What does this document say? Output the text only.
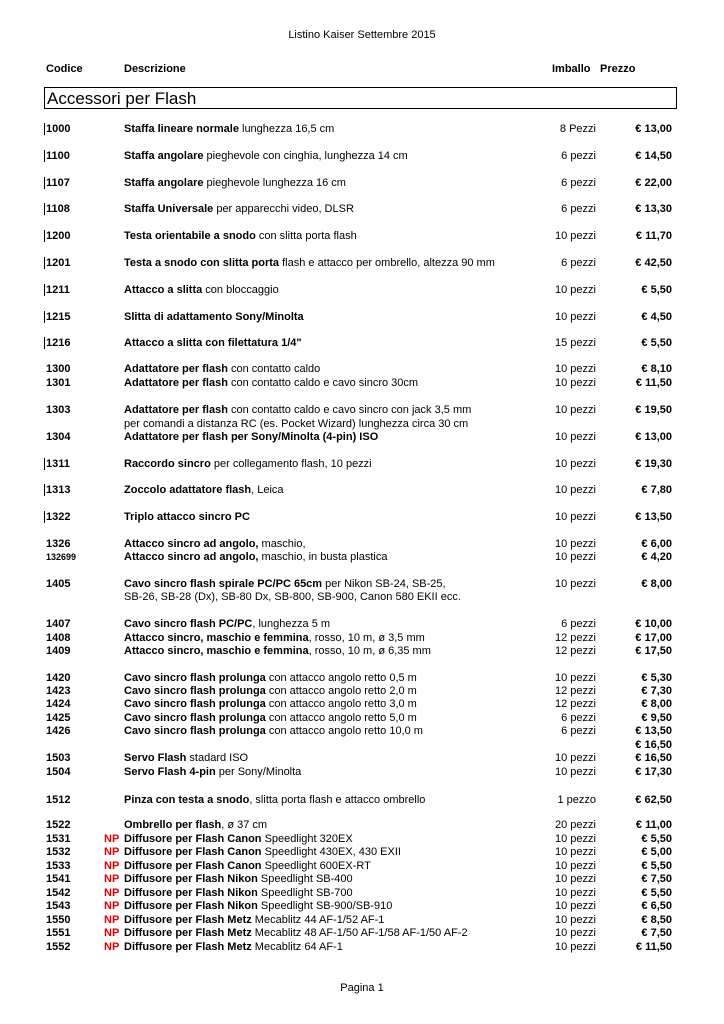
Listino Kaiser Settembre 2015
Codice	Descrizione	Imballo Prezzo
Accessori per Flash
1000	Staffa lineare normale lunghezza 16,5 cm	8 Pezzi	€ 13,00
1100	Staffa angolare pieghevole con cinghia, lunghezza 14 cm	6 pezzi	€ 14,50
1107	Staffa angolare pieghevole lunghezza 16 cm	6 pezzi	€ 22,00
1108	Staffa Universale per apparecchi video, DLSR	6 pezzi	€ 13,30
1200	Testa orientabile a snodo con slitta porta flash	10 pezzi	€ 11,70
1201	Testa a snodo con slitta porta flash e attacco per ombrello, altezza 90 mm	6 pezzi	€ 42,50
1211	Attacco a slitta con bloccaggio	10 pezzi	€ 5,50
1215	Slitta di adattamento Sony/Minolta	10 pezzi	€ 4,50
1216	Attacco a slitta con filettatura 1/4"	15 pezzi	€ 5,50
1300	Adattatore per flash con contatto caldo	10 pezzi	€ 8,10
1301	Adattatore per flash con contatto caldo e cavo sincro 30cm	10 pezzi	€ 11,50
1303	Adattatore per flash con contatto caldo e cavo sincro con jack 3,5 mm	10 pezzi	€ 19,50
per comandi a distanza RC (es. Pocket Wizard) lunghezza circa 30 cm
1304	Adattatore per flash per Sony/Minolta (4-pin) ISO	10 pezzi	€ 13,00
1311	Raccordo sincro per collegamento flash, 10 pezzi	10 pezzi	€ 19,30
1313	Zoccolo adattatore flash, Leica	10 pezzi	€ 7,80
1322	Triplo attacco sincro PC	10 pezzi	€ 13,50
1326	Attacco sincro ad angolo, maschio,	10 pezzi	€ 6,00
132699	Attacco sincro ad angolo, maschio, in busta plastica	10 pezzi	€ 4,20
1405	Cavo sincro flash spirale PC/PC 65cm per Nikon SB-24, SB-25,	10 pezzi	€ 8,00
SB-26, SB-28 (Dx), SB-80 Dx, SB-800, SB-900, Canon 580 EKII ecc.
1407	Cavo sincro flash PC/PC, lunghezza 5 m	6 pezzi	€ 10,00
1408	Attacco sincro, maschio e femmina, rosso, 10 m, ø 3,5 mm	12 pezzi	€ 17,00
1409	Attacco sincro, maschio e femmina, rosso, 10 m, ø 6,35 mm	12 pezzi	€ 17,50
1420	Cavo sincro flash prolunga con attacco angolo retto 0,5 m	10 pezzi	€ 5,30
1423	Cavo sincro flash prolunga con attacco angolo retto 2,0 m	12 pezzi	€ 7,30
1424	Cavo sincro flash prolunga con attacco angolo retto 3,0 m	12 pezzi	€ 8,00
1425	Cavo sincro flash prolunga con attacco angolo retto 5,0 m	6 pezzi	€ 9,50
1426	Cavo sincro flash prolunga con attacco angolo retto 10,0 m	6 pezzi	€ 13,50
€ 16,50
1503	Servo Flash stadard ISO	10 pezzi	€ 16,50
1504	Servo Flash 4-pin per Sony/Minolta	10 pezzi	€ 17,30
1512	Pinza con testa a snodo, slitta porta flash e attacco ombrello	1 pezzo	€ 62,50
1522	Ombrello per flash, ø 37 cm	20 pezzi	€ 11,00
1531	NP Diffusore per Flash Canon Speedlight 320EX	10 pezzi	€ 5,50
1532	NP Diffusore per Flash Canon Speedlight 430EX, 430 EXII	10 pezzi	€ 5,00
1533	NP Diffusore per Flash Canon Speedlight 600EX-RT	10 pezzi	€ 5,50
1541	NP Diffusore per Flash Nikon Speedlight SB-400	10 pezzi	€ 7,50
1542	NP Diffusore per Flash Nikon Speedlight SB-700	10 pezzi	€ 5,50
1543	NP Diffusore per Flash Nikon Speedlight SB-900/SB-910	10 pezzi	€ 6,50
1550	NP Diffusore per Flash Metz Mecablitz 44 AF-1/52 AF-1	10 pezzi	€ 8,50
1551	NP Diffusore per Flash Metz Mecablitz 48 AF-1/50 AF-1/58 AF-1/50 AF-2	10 pezzi	€ 7,50
1552	NP Diffusore per Flash Metz Mecablitz 64 AF-1	10 pezzi	€ 11,50
Pagina 1
